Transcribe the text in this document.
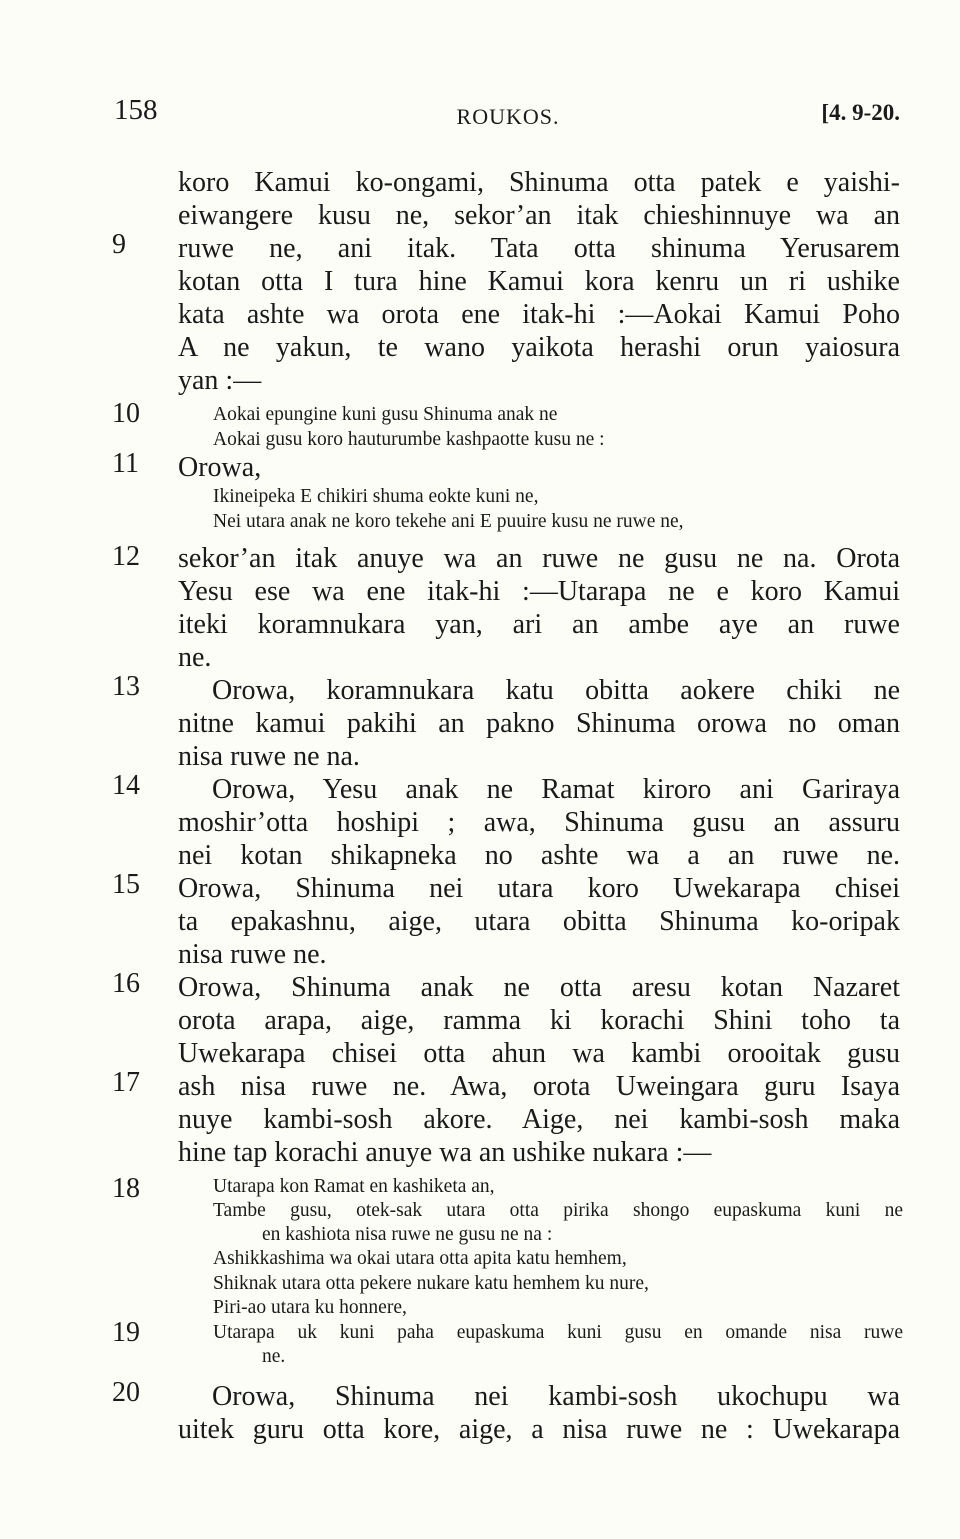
158	ROUKOS.	[4. 9-20.
9
10
11
12
13
14
15
16
17
18
19
20
koro Kamui ko-ongami, Shinuma otta patek e yaishi-
eiwangere kusu ne, sekor’an itak chieshinnuye wa an
ruwe ne, ani itak. Tata otta shinuma Yerusarem
kotan otta I tura hine Kamui kora kenru un ri ushike
kata ashte wa orota ene itak-hi :—Aokai Kamui Poho
A ne yakun, te wano yaikota herashi orun yaiosura
yan :—
Aokai epungine kuni gusu Shinuma anak ne
Aokai gusu koro hauturumbe kashpaotte kusu ne :
Orowa,
Ikineipeka E chikiri shuma eokte kuni ne,
Nei utara anak ne koro tekehe ani E puuire kusu ne ruwe ne,
sekor’an itak anuye wa an ruwe ne gusu ne na. Orota
Yesu ese wa ene itak-hi :—Utarapa ne e koro Kamui
iteki koramnukara yan, ari an ambe aye an ruwe
ne.
Orowa, koramnukara katu obitta aokere chiki ne
nitne kamui pakihi an pakno Shinuma orowa no oman
nisa ruwe ne na.
Orowa, Yesu anak ne Ramat kiroro ani Gariraya
moshir’otta hoshipi ; awa, Shinuma gusu an assuru
nei kotan shikapneka no ashte wa a an ruwe ne.
Orowa, Shinuma nei utara koro Uwekarapa chisei
ta epakashnu, aige, utara obitta Shinuma ko-oripak
nisa ruwe ne.
Orowa, Shinuma anak ne otta aresu kotan Nazaret
orota arapa, aige, ramma ki korachi Shini toho ta
Uwekarapa chisei otta ahun wa kambi orooitak gusu
ash nisa ruwe ne. Awa, orota Uweingara guru Isaya
nuye kambi-sosh akore. Aige, nei kambi-sosh maka
hine tap korachi anuye wa an ushike nukara :—
Utarapa kon Ramat en kashiketa an,
Tambe gusu, otek-sak utara otta pirika shongo eupaskuma kuni ne
en kashiota nisa ruwe ne gusu ne na :
Ashikkashima wa okai utara otta apita katu hemhem,
Shiknak utara otta pekere nukare katu hemhem ku nure,
Piri-ao utara ku honnere,
Utarapa uk kuni paha eupaskuma kuni gusu en omande nisa ruwe
ne.
Orowa, Shinuma nei kambi-sosh ukochupu wa
uitek guru otta kore, aige, a nisa ruwe ne : Uwekarapa
